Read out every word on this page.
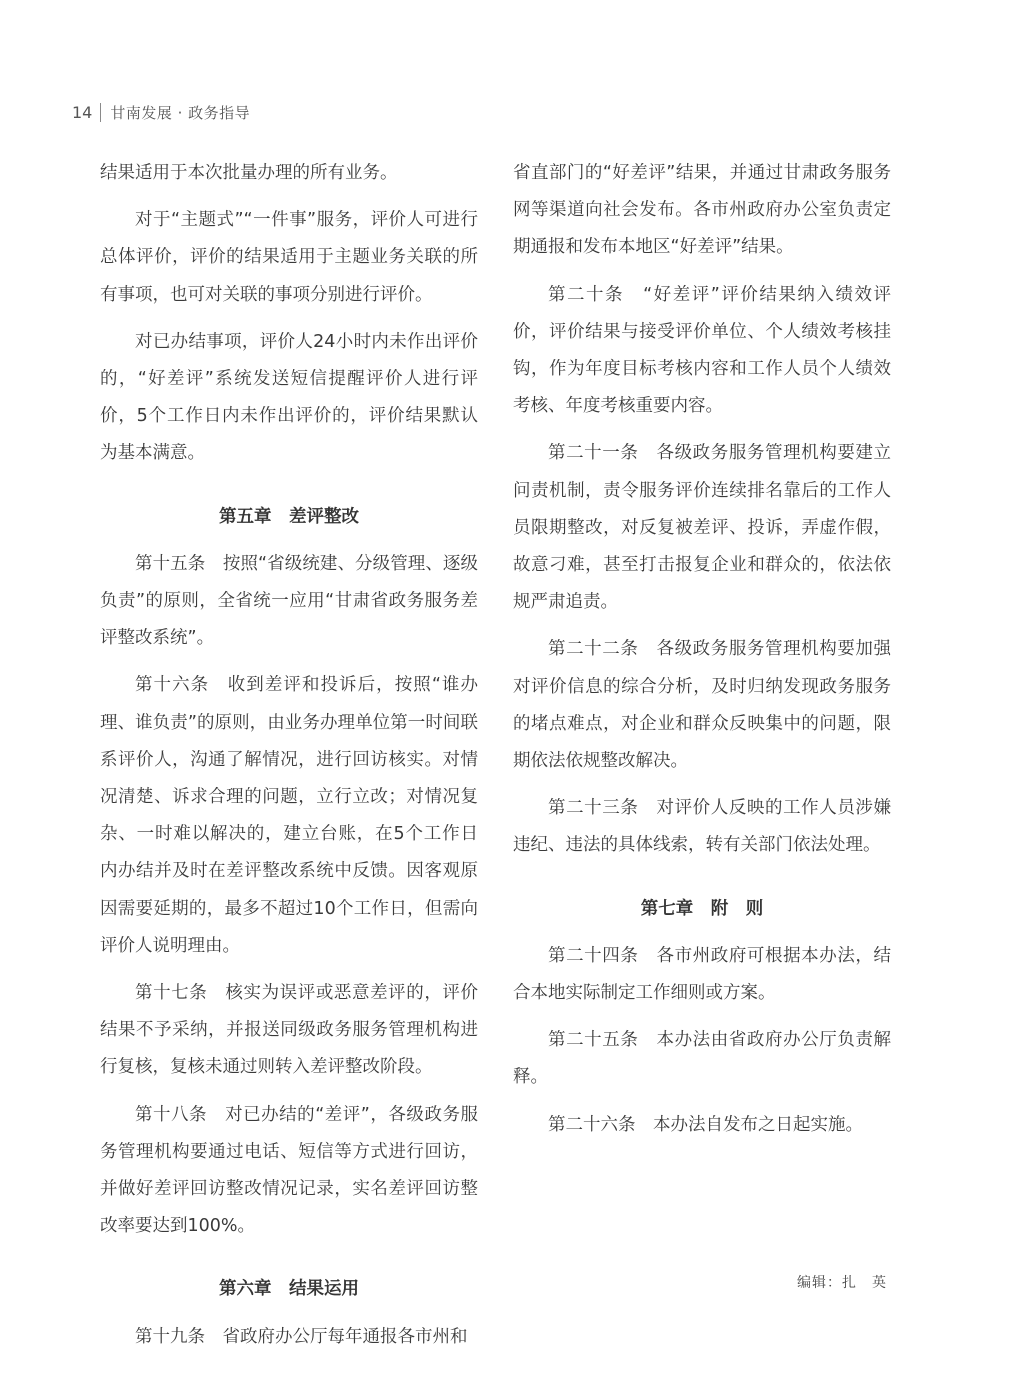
14 甘南发展 · 政务指导

结果适用于本次批量办理的所有业务。

对于“主题式”“一件事”服务，评价人可进行总体评价，评价的结果适用于主题业务关联的所有事项，也可对关联的事项分别进行评价。

对已办结事项，评价人24小时内未作出评价的，“好差评”系统发送短信提醒评价人进行评价，5个工作日内未作出评价的，评价结果默认为基本满意。

第五章　差评整改

第十五条　按照“省级统建、分级管理、逐级负责”的原则，全省统一应用“甘肃省政务服务差评整改系统”。

第十六条　收到差评和投诉后，按照“谁办理、谁负责”的原则，由业务办理单位第一时间联系评价人，沟通了解情况，进行回访核实。对情况清楚、诉求合理的问题，立行立改；对情况复杂、一时难以解决的，建立台账，在5个工作日内办结并及时在差评整改系统中反馈。因客观原因需要延期的，最多不超过10个工作日，但需向评价人说明理由。

第十七条　核实为误评或恶意差评的，评价结果不予采纳，并报送同级政务服务管理机构进行复核，复核未通过则转入差评整改阶段。

第十八条　对已办结的“差评”，各级政务服务管理机构要通过电话、短信等方式进行回访，并做好差评回访整改情况记录，实名差评回访整改率要达到100%。

第六章　结果运用

第十九条　省政府办公厅每年通报各市州和

省直部门的“好差评”结果，并通过甘肃政务服务网等渠道向社会发布。各市州政府办公室负责定期通报和发布本地区“好差评”结果。

第二十条　“好差评”评价结果纳入绩效评价，评价结果与接受评价单位、个人绩效考核挂钩，作为年度目标考核内容和工作人员个人绩效考核、年度考核重要内容。

第二十一条　各级政务服务管理机构要建立问责机制，责令服务评价连续排名靠后的工作人员限期整改，对反复被差评、投诉，弄虚作假，故意刁难，甚至打击报复企业和群众的，依法依规严肃追责。

第二十二条　各级政务服务管理机构要加强对评价信息的综合分析，及时归纳发现政务服务的堵点难点，对企业和群众反映集中的问题，限期依法依规整改解决。

第二十三条　对评价人反映的工作人员涉嫌违纪、违法的具体线索，转有关部门依法处理。

第七章　附　则

第二十四条　各市州政府可根据本办法，结合本地实际制定工作细则或方案。

第二十五条　本办法由省政府办公厅负责解释。

第二十六条　本办法自发布之日起实施。

编辑：扎　英
